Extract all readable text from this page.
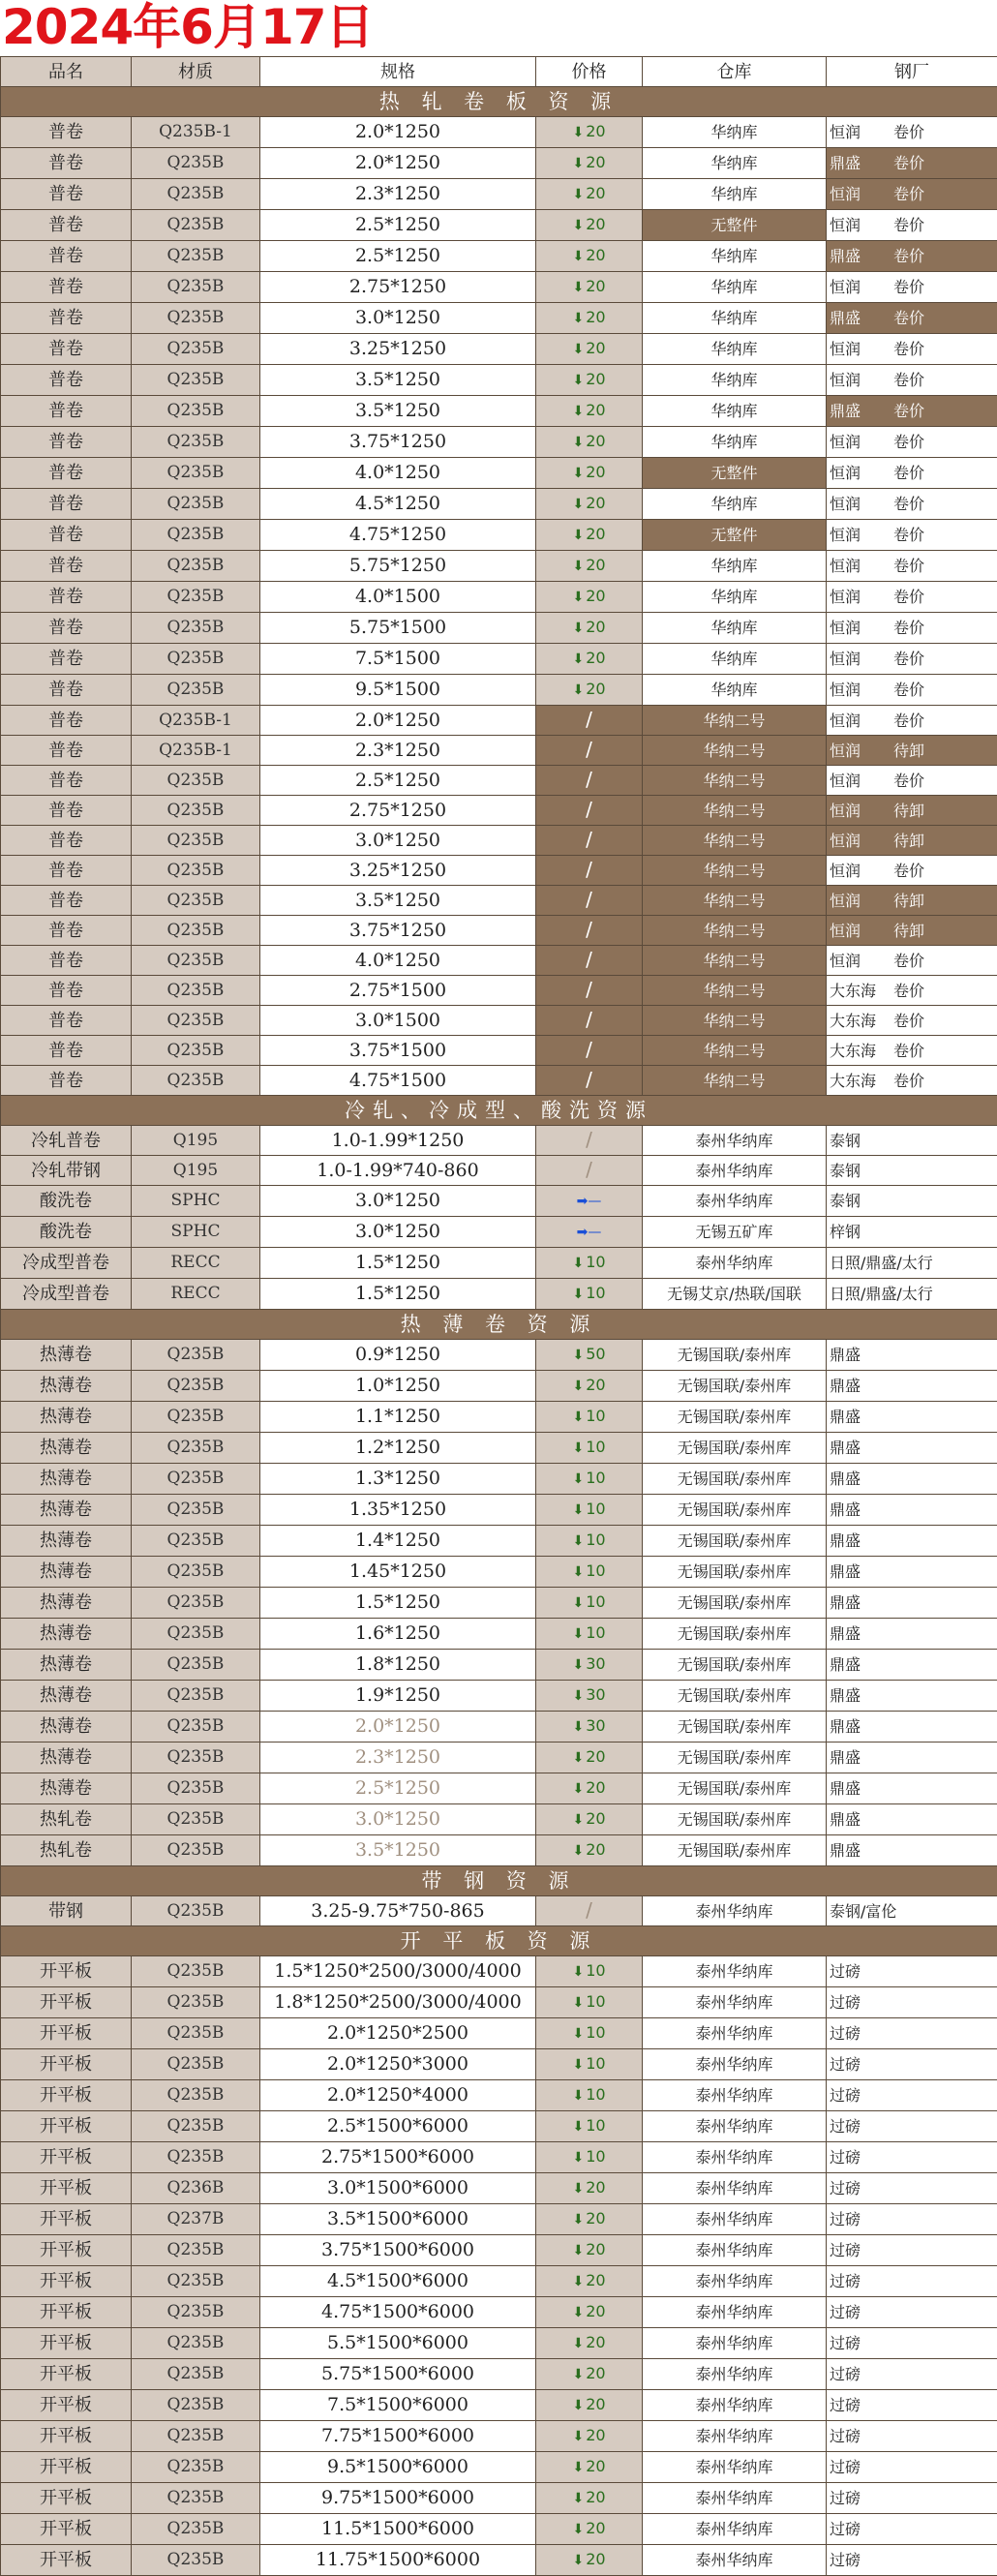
2024年6月17日
品名	材质	规格	价格	仓库	钢厂
热 轧 卷 板 资 源					
普卷	Q235B-1	2.0*1250	⬇ 20	华纳库	恒润 卷价
普卷	Q235B	2.0*1250	⬇ 20	华纳库	鼎盛 卷价
普卷	Q235B	2.3*1250	⬇ 20	华纳库	恒润 卷价
普卷	Q235B	2.5*1250	⬇ 20	无整件	恒润 卷价
普卷	Q235B	2.5*1250	⬇ 20	华纳库	鼎盛 卷价
普卷	Q235B	2.75*1250	⬇ 20	华纳库	恒润 卷价
普卷	Q235B	3.0*1250	⬇ 20	华纳库	鼎盛 卷价
普卷	Q235B	3.25*1250	⬇ 20	华纳库	恒润 卷价
普卷	Q235B	3.5*1250	⬇ 20	华纳库	恒润 卷价
普卷	Q235B	3.5*1250	⬇ 20	华纳库	鼎盛 卷价
普卷	Q235B	3.75*1250	⬇ 20	华纳库	恒润 卷价
普卷	Q235B	4.0*1250	⬇ 20	无整件	恒润 卷价
普卷	Q235B	4.5*1250	⬇ 20	华纳库	恒润 卷价
普卷	Q235B	4.75*1250	⬇ 20	无整件	恒润 卷价
普卷	Q235B	5.75*1250	⬇ 20	华纳库	恒润 卷价
普卷	Q235B	4.0*1500	⬇ 20	华纳库	恒润 卷价
普卷	Q235B	5.75*1500	⬇ 20	华纳库	恒润 卷价
普卷	Q235B	7.5*1500	⬇ 20	华纳库	恒润 卷价
普卷	Q235B	9.5*1500	⬇ 20	华纳库	恒润 卷价
普卷	Q235B-1	2.0*1250	/	华纳二号	恒润 卷价
普卷	Q235B-1	2.3*1250	/	华纳二号	恒润 待卸
普卷	Q235B	2.5*1250	/	华纳二号	恒润 卷价
普卷	Q235B	2.75*1250	/	华纳二号	恒润 待卸
普卷	Q235B	3.0*1250	/	华纳二号	恒润 待卸
普卷	Q235B	3.25*1250	/	华纳二号	恒润 卷价
普卷	Q235B	3.5*1250	/	华纳二号	恒润 待卸
普卷	Q235B	3.75*1250	/	华纳二号	恒润 待卸
普卷	Q235B	4.0*1250	/	华纳二号	恒润 卷价
普卷	Q235B	2.75*1500	/	华纳二号	大东海 卷价
普卷	Q235B	3.0*1500	/	华纳二号	大东海 卷价
普卷	Q235B	3.75*1500	/	华纳二号	大东海 卷价
普卷	Q235B	4.75*1500	/	华纳二号	大东海 卷价
冷轧、冷成型、酸洗资源					
冷轧普卷	Q195	1.0-1.99*1250	/	泰州华纳库	泰钢
冷轧带钢	Q195	1.0-1.99*740-860	/	泰州华纳库	泰钢
酸洗卷	SPHC	3.0*1250	➡—	泰州华纳库	泰钢
酸洗卷	SPHC	3.0*1250	➡—	无锡五矿库	梓钢
冷成型普卷	RECC	1.5*1250	⬇ 10	泰州华纳库	日照/鼎盛/太行
冷成型普卷	RECC	1.5*1250	⬇ 10	无锡艾京/热联/国联	日照/鼎盛/太行
热 薄 卷 资 源					
热薄卷	Q235B	0.9*1250	⬇ 50	无锡国联/泰州库	鼎盛
热薄卷	Q235B	1.0*1250	⬇ 20	无锡国联/泰州库	鼎盛
热薄卷	Q235B	1.1*1250	⬇ 10	无锡国联/泰州库	鼎盛
热薄卷	Q235B	1.2*1250	⬇ 10	无锡国联/泰州库	鼎盛
热薄卷	Q235B	1.3*1250	⬇ 10	无锡国联/泰州库	鼎盛
热薄卷	Q235B	1.35*1250	⬇ 10	无锡国联/泰州库	鼎盛
热薄卷	Q235B	1.4*1250	⬇ 10	无锡国联/泰州库	鼎盛
热薄卷	Q235B	1.45*1250	⬇ 10	无锡国联/泰州库	鼎盛
热薄卷	Q235B	1.5*1250	⬇ 10	无锡国联/泰州库	鼎盛
热薄卷	Q235B	1.6*1250	⬇ 10	无锡国联/泰州库	鼎盛
热薄卷	Q235B	1.8*1250	⬇ 30	无锡国联/泰州库	鼎盛
热薄卷	Q235B	1.9*1250	⬇ 30	无锡国联/泰州库	鼎盛
热薄卷	Q235B	2.0*1250	⬇ 30	无锡国联/泰州库	鼎盛
热薄卷	Q235B	2.3*1250	⬇ 20	无锡国联/泰州库	鼎盛
热薄卷	Q235B	2.5*1250	⬇ 20	无锡国联/泰州库	鼎盛
热轧卷	Q235B	3.0*1250	⬇ 20	无锡国联/泰州库	鼎盛
热轧卷	Q235B	3.5*1250	⬇ 20	无锡国联/泰州库	鼎盛
带 钢 资 源					
带钢	Q235B	3.25-9.75*750-865	/	泰州华纳库	泰钢/富伦
开 平 板 资 源					
开平板	Q235B	1.5*1250*2500/3000/4000	⬇ 10	泰州华纳库	过磅
开平板	Q235B	1.8*1250*2500/3000/4000	⬇ 10	泰州华纳库	过磅
开平板	Q235B	2.0*1250*2500	⬇ 10	泰州华纳库	过磅
开平板	Q235B	2.0*1250*3000	⬇ 10	泰州华纳库	过磅
开平板	Q235B	2.0*1250*4000	⬇ 10	泰州华纳库	过磅
开平板	Q235B	2.5*1500*6000	⬇ 10	泰州华纳库	过磅
开平板	Q235B	2.75*1500*6000	⬇ 10	泰州华纳库	过磅
开平板	Q236B	3.0*1500*6000	⬇ 20	泰州华纳库	过磅
开平板	Q237B	3.5*1500*6000	⬇ 20	泰州华纳库	过磅
开平板	Q235B	3.75*1500*6000	⬇ 20	泰州华纳库	过磅
开平板	Q235B	4.5*1500*6000	⬇ 20	泰州华纳库	过磅
开平板	Q235B	4.75*1500*6000	⬇ 20	泰州华纳库	过磅
开平板	Q235B	5.5*1500*6000	⬇ 20	泰州华纳库	过磅
开平板	Q235B	5.75*1500*6000	⬇ 20	泰州华纳库	过磅
开平板	Q235B	7.5*1500*6000	⬇ 20	泰州华纳库	过磅
开平板	Q235B	7.75*1500*6000	⬇ 20	泰州华纳库	过磅
开平板	Q235B	9.5*1500*6000	⬇ 20	泰州华纳库	过磅
开平板	Q235B	9.75*1500*6000	⬇ 20	泰州华纳库	过磅
开平板	Q235B	11.5*1500*6000	⬇ 20	泰州华纳库	过磅
开平板	Q235B	11.75*1500*6000	⬇ 20	泰州华纳库	过磅
